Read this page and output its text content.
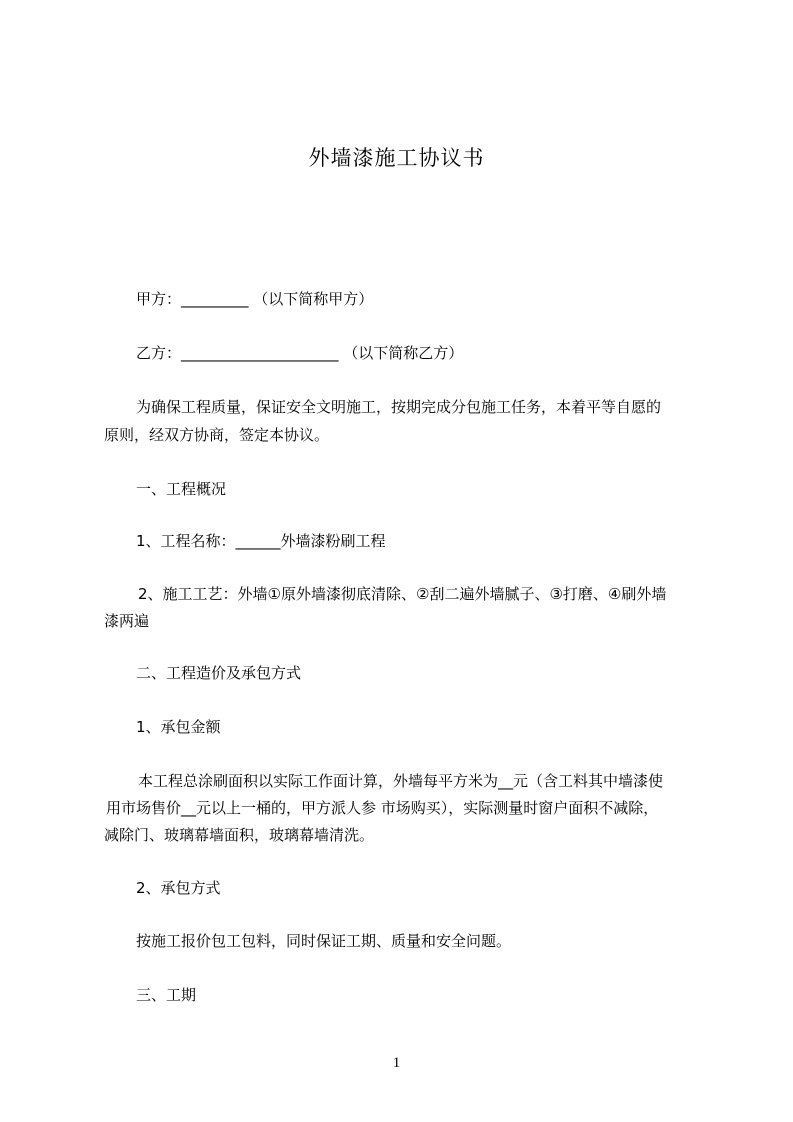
外墙漆施工协议书
甲方：_________ （以下简称甲方）
乙方：_____________________ （以下简称乙方）
为确保工程质量，保证安全文明施工，按期完成分包施工任务，本着平等自愿的
原则，经双方协商，签定本协议。
一、工程概况
1、工程名称：______外墙漆粉刷工程
2、施工工艺：外墙①原外墙漆彻底清除、②刮二遍外墙腻子、③打磨、④刷外墙
漆两遍
二、工程造价及承包方式
1、承包金额
本工程总涂刷面积以实际工作面计算，外墙每平方米为__元（含工料其中墙漆使
用市场售价__元以上一桶的，甲方派人参 市场购买），实际测量时窗户面积不减除，
减除门、玻璃幕墙面积，玻璃幕墙清洗。
2、承包方式
按施工报价包工包料，同时保证工期、质量和安全问题。
三、工期
1
